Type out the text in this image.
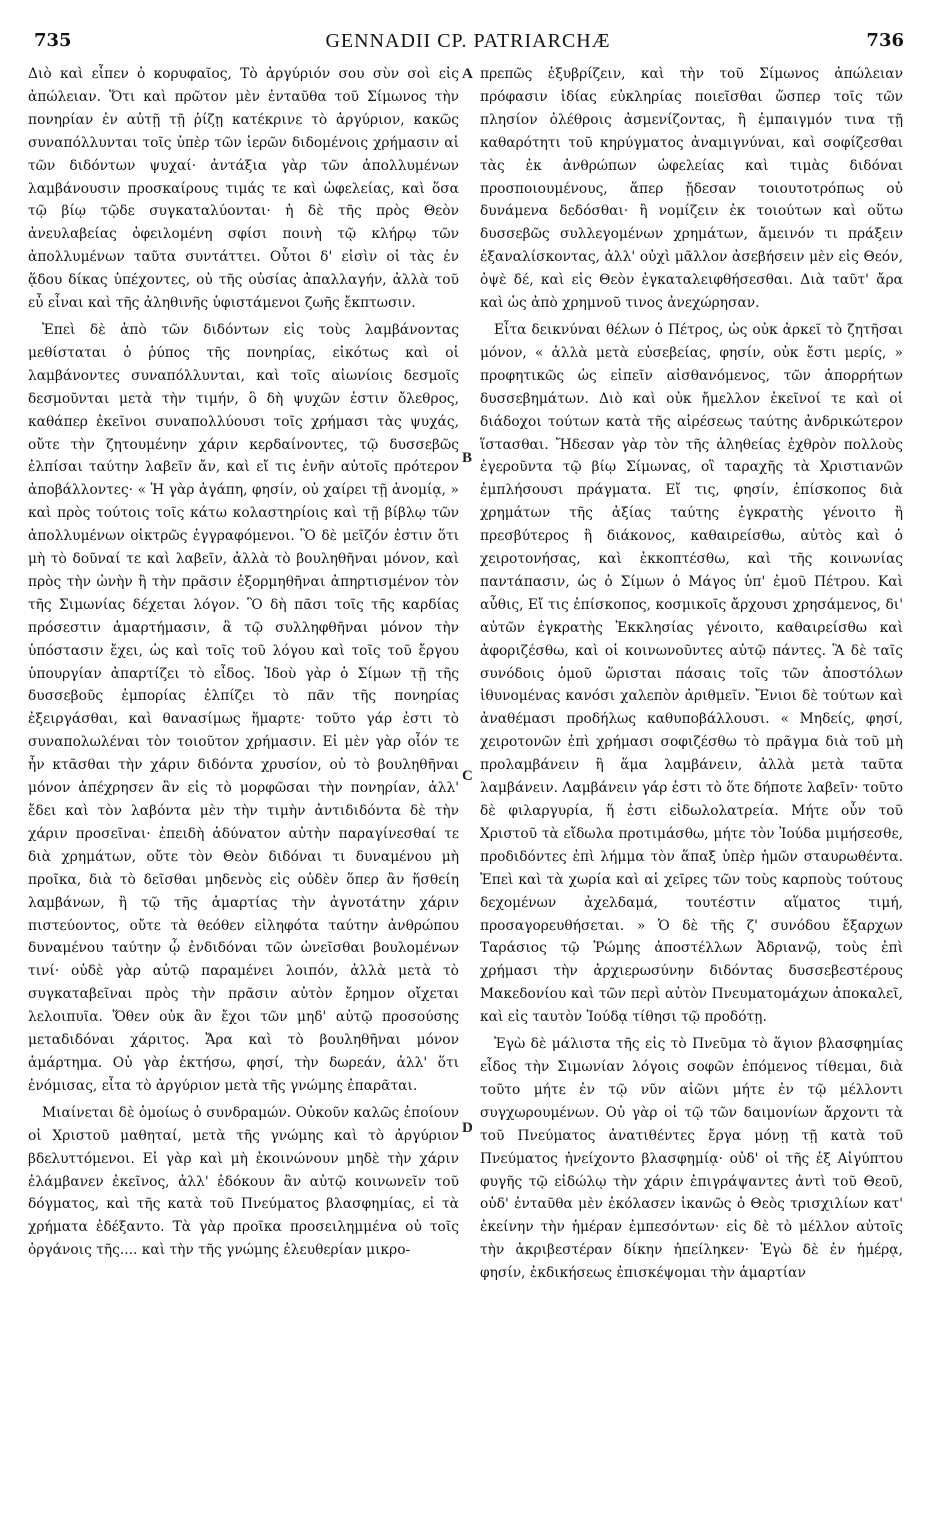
735	GENNADII CP. PATRIARCHÆ	736

Διὸ καὶ εἶπεν ὁ κορυφαῖος, Τὸ ἀργύριόν σου σὺν σοὶ εἰς ἀπώλειαν. Ὅτι καὶ πρῶτον μὲν ἐνταῦθα τοῦ Σίμωνος τὴν πονηρίαν ἐν αὐτῇ τῇ ῥίζῃ κατέκρινε τὸ ἀργύριον, κακῶς συναπόλλυνται τοῖς ὑπὲρ τῶν ἱερῶν διδομένοις χρήμασιν αἱ τῶν διδόντων ψυχαί· ἀντάξια γὰρ τῶν ἀπολλυμένων λαμβάνουσιν προσκαίρους τιμάς τε καὶ ὠφελείας, καὶ ὅσα τῷ βίῳ τῷδε συγκαταλύονται· ἡ δὲ τῆς πρὸς Θεὸν ἀνευλαβείας ὀφειλομένη σφίσι ποινὴ τῷ κλήρῳ τῶν ἀπολλυμένων ταῦτα συντάττει. Οὗτοι δ' εἰσὶν οἱ τὰς ἐν ᾅδου δίκας ὑπέχοντες, οὐ τῆς οὐσίας ἀπαλλαγήν, ἀλλὰ τοῦ εὖ εἶναι καὶ τῆς ἀληθινῆς ὑφιστάμενοι ζωῆς ἔκπτωσιν.

Ἐπεὶ δὲ ἀπὸ τῶν διδόντων εἰς τοὺς λαμβάνοντας μεθίσταται ὁ ῥύπος τῆς πονηρίας, εἰκότως καὶ οἱ λαμβάνοντες συναπόλλυνται, καὶ τοῖς αἰωνίοις δεσμοῖς δεσμοῦνται μετὰ τὴν τιμήν, ὃ δὴ ψυχῶν ἐστιν ὄλεθρος, καθάπερ ἐκεῖνοι συναπολλύουσι τοῖς χρήμασι τὰς ψυχάς, οὔτε τὴν ζητουμένην χάριν κερδαίνοντες, τῷ δυσσεβῶς ἐλπίσαι ταύτην λαβεῖν ἄν, καὶ εἴ τις ἐνῆν αὐτοῖς πρότερον ἀποβάλλοντες· « Ἡ γὰρ ἀγάπη, φησίν, οὐ χαίρει τῇ ἀνομίᾳ, » καὶ πρὸς τούτοις τοῖς κάτω κολαστηρίοις καὶ τῇ βίβλῳ τῶν ἀπολλυμένων οἰκτρῶς ἐγγραφόμενοι. Ὃ δὲ μεῖζόν ἐστιν ὅτι μὴ τὸ δοῦναί τε καὶ λαβεῖν, ἀλλὰ τὸ βουληθῆναι μόνον, καὶ πρὸς τὴν ὠνὴν ἢ τὴν πρᾶσιν ἐξορμηθῆναι ἀπηρτισμένον τὸν τῆς Σιμωνίας δέχεται λόγον. Ὃ δὴ πᾶσι τοῖς τῆς καρδίας πρόσεστιν ἁμαρτήμασιν, ἃ τῷ συλληφθῆναι μόνον τὴν ὑπόστασιν ἔχει, ὡς καὶ τοῖς τοῦ λόγου καὶ τοῖς τοῦ ἔργου ὑπουργίαν ἀπαρτίζει τὸ εἶδος. Ἰδοὺ γὰρ ὁ Σίμων τῇ τῆς δυσσεβοῦς ἐμπορίας ἐλπίζει τὸ πᾶν τῆς πονηρίας ἐξειργάσθαι, καὶ θανασίμως ἥμαρτε· τοῦτο γάρ ἐστι τὸ συναπολωλέναι τὸν τοιοῦτον χρήμασιν. Εἰ μὲν γὰρ οἷόν τε ἦν κτᾶσθαι τὴν χάριν διδόντα χρυσίον, οὐ τὸ βουληθῆναι μόνον ἀπέχρησεν ἂν εἰς τὸ μορφῶσαι τὴν πονηρίαν, ἀλλ' ἔδει καὶ τὸν λαβόντα μὲν τὴν τιμὴν ἀντιδιδόντα δὲ τὴν χάριν προσεῖναι· ἐπειδὴ ἀδύνατον αὐτὴν παραγίνεσθαί τε διὰ χρημάτων, οὔτε τὸν Θεὸν διδόναι τι δυναμένου μὴ προῖκα, διὰ τὸ δεῖσθαι μηδενὸς εἰς οὐδὲν ὅπερ ἂν ἥσθείη λαμβάνων, ἢ τῷ τῆς ἁμαρτίας τὴν ἀγνοτάτην χάριν πιστεύοντος, οὔτε τὰ θεόθεν εἰληφότα ταύτην ἀνθρώπου δυναμένου ταύτην ᾧ ἐνδιδόναι τῶν ὠνεῖσθαι βουλομένων τινί· οὐδὲ γὰρ αὐτῷ παραμένει λοιπόν, ἀλλὰ μετὰ τὸ συγκαταβεῖναι πρὸς τὴν πρᾶσιν αὐτὸν ἔρημον οἴχεται λελοιπυῖα. Ὅθεν οὐκ ἂν ἔχοι τῶν μηδ' αὐτῷ προσούσης μεταδιδόναι χάριτος. Ἄρα καὶ τὸ βουληθῆναι μόνον ἁμάρτημα. Οὐ γὰρ ἐκτήσω, φησί, τὴν δωρεάν, ἀλλ' ὅτι ἐνόμισας, εἶτα τὸ ἀργύριον μετὰ τῆς γνώμης ἐπαρᾶται.

Μιαίνεται δὲ ὁμοίως ὁ συνδραμών. Οὐκοῦν καλῶς ἐποίουν οἱ Χριστοῦ μαθηταί, μετὰ τῆς γνώμης καὶ τὸ ἀργύριον βδελυττόμενοι. Εἰ γὰρ καὶ μὴ ἐκοινώνουν μηδὲ τὴν χάριν ἐλάμβανεν ἐκεῖνος, ἀλλ' ἐδόκουν ἂν αὐτῷ κοινωνεῖν τοῦ δόγματος, καὶ τῆς κατὰ τοῦ Πνεύματος βλασφημίας, εἰ τὰ χρήματα ἐδέξαντο. Τὰ γὰρ προῖκα προσειλημμένα οὐ τοῖς ὀργάνοις τῆς.... καὶ τὴν τῆς γνώμης ἐλευθερίαν μικρο-

A
B
C
D

πρεπῶς ἐξυβρίζειν, καὶ τὴν τοῦ Σίμωνος ἀπώλειαν πρόφασιν ἰδίας εὐκληρίας ποιεῖσθαι ὥσπερ τοῖς τῶν πλησίον ὀλέθροις ἀσμενίζοντας, ἢ ἐμπαιγμόν τινα τῇ καθαρότητι τοῦ κηρύγματος ἀναμιγνύναι, καὶ σοφίζεσθαι τὰς ἐκ ἀνθρώπων ὠφελείας καὶ τιμὰς διδόναι προσποιουμένους, ἅπερ ᾔδεσαν τοιουτοτρόπως οὐ δυνάμενα δεδόσθαι· ἢ νομίζειν ἐκ τοιούτων καὶ οὕτω δυσσεβῶς συλλεγομένων χρημάτων, ἄμεινόν τι πράξειν ἐξαναλίσκοντας, ἀλλ' οὐχὶ μᾶλλον ἀσεβήσειν μὲν εἰς Θεόν, ὀψὲ δέ, καὶ εἰς Θεὸν ἐγκαταλειφθήσεσθαι. Διὰ ταῦτ' ἄρα καὶ ὡς ἀπὸ χρημνοῦ τινος ἀνεχώρησαν.

Εἶτα δεικνύναι θέλων ὁ Πέτρος, ὡς οὐκ ἀρκεῖ τὸ ζητῆσαι μόνον, « ἀλλὰ μετὰ εὐσεβείας, φησίν, οὐκ ἔστι μερίς, » προφητικῶς ὡς εἰπεῖν αἰσθανόμενος, τῶν ἀπορρήτων δυσσεβημάτων. Διὸ καὶ οὐκ ἤμελλον ἐκεῖνοί τε καὶ οἱ διάδοχοι τούτων κατὰ τῆς αἱρέσεως ταύτης ἀνδρικώτερον ἵστασθαι. Ἤδεσαν γὰρ τὸν τῆς ἀληθείας ἐχθρὸν πολλοὺς ἐγεροῦντα τῷ βίῳ Σίμωνας, οἳ ταραχῆς τὰ Χριστιανῶν ἐμπλήσουσι πράγματα. Εἴ τις, φησίν, ἐπίσκοπος διὰ χρημάτων τῆς ἀξίας ταύτης ἐγκρατὴς γένοιτο ἢ πρεσβύτερος ἢ διάκονος, καθαιρείσθω, αὐτὸς καὶ ὁ χειροτονήσας, καὶ ἐκκοπτέσθω, καὶ τῆς κοινωνίας παντάπασιν, ὡς ὁ Σίμων ὁ Μάγος ὑπ' ἐμοῦ Πέτρου. Καὶ αὖθις, Εἴ τις ἐπίσκοπος, κοσμικοῖς ἄρχουσι χρησάμενος, δι' αὐτῶν ἐγκρατὴς Ἐκκλησίας γένοιτο, καθαιρείσθω καὶ ἀφοριζέσθω, καὶ οἱ κοινωνοῦντες αὐτῷ πάντες. Ἃ δὲ ταῖς συνόδοις ὁμοῦ ὥρισται πάσαις τοῖς τῶν ἀποστόλων ἰθυνομένας κανόσι χαλεπὸν ἀριθμεῖν. Ἔνιοι δὲ τούτων καὶ ἀναθέμασι προδήλως καθυποβάλλουσι. « Μηδείς, φησί, χειροτονῶν ἐπὶ χρήμασι σοφιζέσθω τὸ πρᾶγμα διὰ τοῦ μὴ προλαμβάνειν ἢ ἅμα λαμβάνειν, ἀλλὰ μετὰ ταῦτα λαμβάνειν. Λαμβάνειν γάρ ἐστι τὸ ὅτε δήποτε λαβεῖν· τοῦτο δὲ φιλαργυρία, ἥ ἐστι εἰδωλολατρεία. Μήτε οὖν τοῦ Χριστοῦ τὰ εἴδωλα προτιμάσθω, μήτε τὸν Ἰούδα μιμήσεσθε, προδιδόντες ἐπὶ λήμμα τὸν ἅπαξ ὑπὲρ ἡμῶν σταυρωθέντα. Ἐπεὶ καὶ τὰ χωρία καὶ αἱ χεῖρες τῶν τοὺς καρποὺς τούτους δεχομένων ἀχελδαμά, τουτέστιν αἵματος τιμή, προσαγορευθήσεται. » Ὁ δὲ τῆς ζ' συνόδου ἔξαρχων Ταράσιος τῷ Ῥώμης ἀποστέλλων Ἀδριανῷ, τοὺς ἐπὶ χρήμασι τὴν ἀρχιερωσύνην διδόντας δυσσεβεστέρους Μακεδονίου καὶ τῶν περὶ αὐτὸν Πνευματομάχων ἀποκαλεῖ, καὶ εἰς ταυτὸν Ἰούδᾳ τίθησι τῷ προδότῃ.

Ἐγὼ δὲ μάλιστα τῆς εἰς τὸ Πνεῦμα τὸ ἅγιον βλασφημίας εἶδος τὴν Σιμωνίαν λόγοις σοφῶν ἑπόμενος τίθεμαι, διὰ τοῦτο μήτε ἐν τῷ νῦν αἰῶνι μήτε ἐν τῷ μέλλοντι συγχωρουμένων. Οὐ γὰρ οἱ τῷ τῶν δαιμονίων ἄρχοντι τὰ τοῦ Πνεύματος ἀνατιθέντες ἔργα μόνῃ τῇ κατὰ τοῦ Πνεύματος ἠνείχοντο βλασφημίᾳ· οὐδ' οἱ τῆς ἐξ Αἰγύπτου φυγῆς τῷ εἰδώλῳ τὴν χάριν ἐπιγράψαντες ἀντὶ τοῦ Θεοῦ, οὐδ' ἐνταῦθα μὲν ἐκόλασεν ἱκανῶς ὁ Θεὸς τρισχιλίων κατ' ἐκείνην τὴν ἡμέραν ἐμπεσόντων· εἰς δὲ τὸ μέλλον αὐτοῖς τὴν ἀκριβεστέραν δίκην ἠπείληκεν· Ἐγὼ δὲ ἐν ἡμέρᾳ, φησίν, ἐκδικήσεως ἐπισκέψομαι τὴν ἁμαρτίαν
